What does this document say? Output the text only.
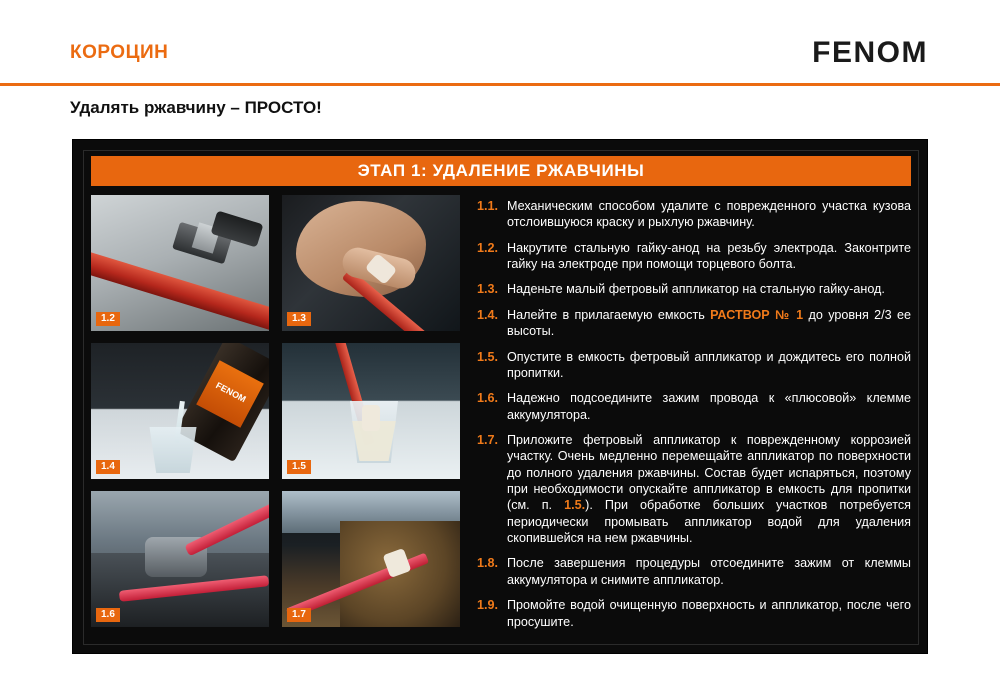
КОРОЦИН	FENOM
Удалять ржавчину – ПРОСТО!
ЭТАП 1: УДАЛЕНИЕ РЖАВЧИНЫ
1.2	1.3
FENOM
1.4	1.5
1.6	1.7
1.1. Механическим способом удалите с поврежденного участка кузова отслоившуюся краску и рыхлую ржавчину.
1.2. Накрутите стальную гайку-анод на резьбу электрода. Законтрите гайку на электроде при помощи торцевого болта.
1.3. Наденьте малый фетровый аппликатор на стальную гайку-анод.
1.4. Налейте в прилагаемую емкость РАСТВОР № 1 до уровня 2/3 ее высоты.
1.5. Опустите в емкость фетровый аппликатор и дождитесь его полной пропитки.
1.6. Надежно подсоедините зажим провода к «плюсовой» клемме аккумулятора.
1.7. Приложите фетровый аппликатор к поврежденному коррозией участку. Очень медленно перемещайте аппликатор по поверхности до полного удаления ржавчины. Состав будет испаряться, поэтому при необходимости опускайте аппликатор в емкость для пропитки (см. п. 1.5.). При обработке больших участков потребуется периодически промывать аппликатор водой для удаления скопившейся на нем ржавчины.
1.8. После завершения процедуры отсоедините зажим от клеммы аккумулятора и снимите аппликатор.
1.9. Промойте водой очищенную поверхность и аппликатор, после чего просушите.
